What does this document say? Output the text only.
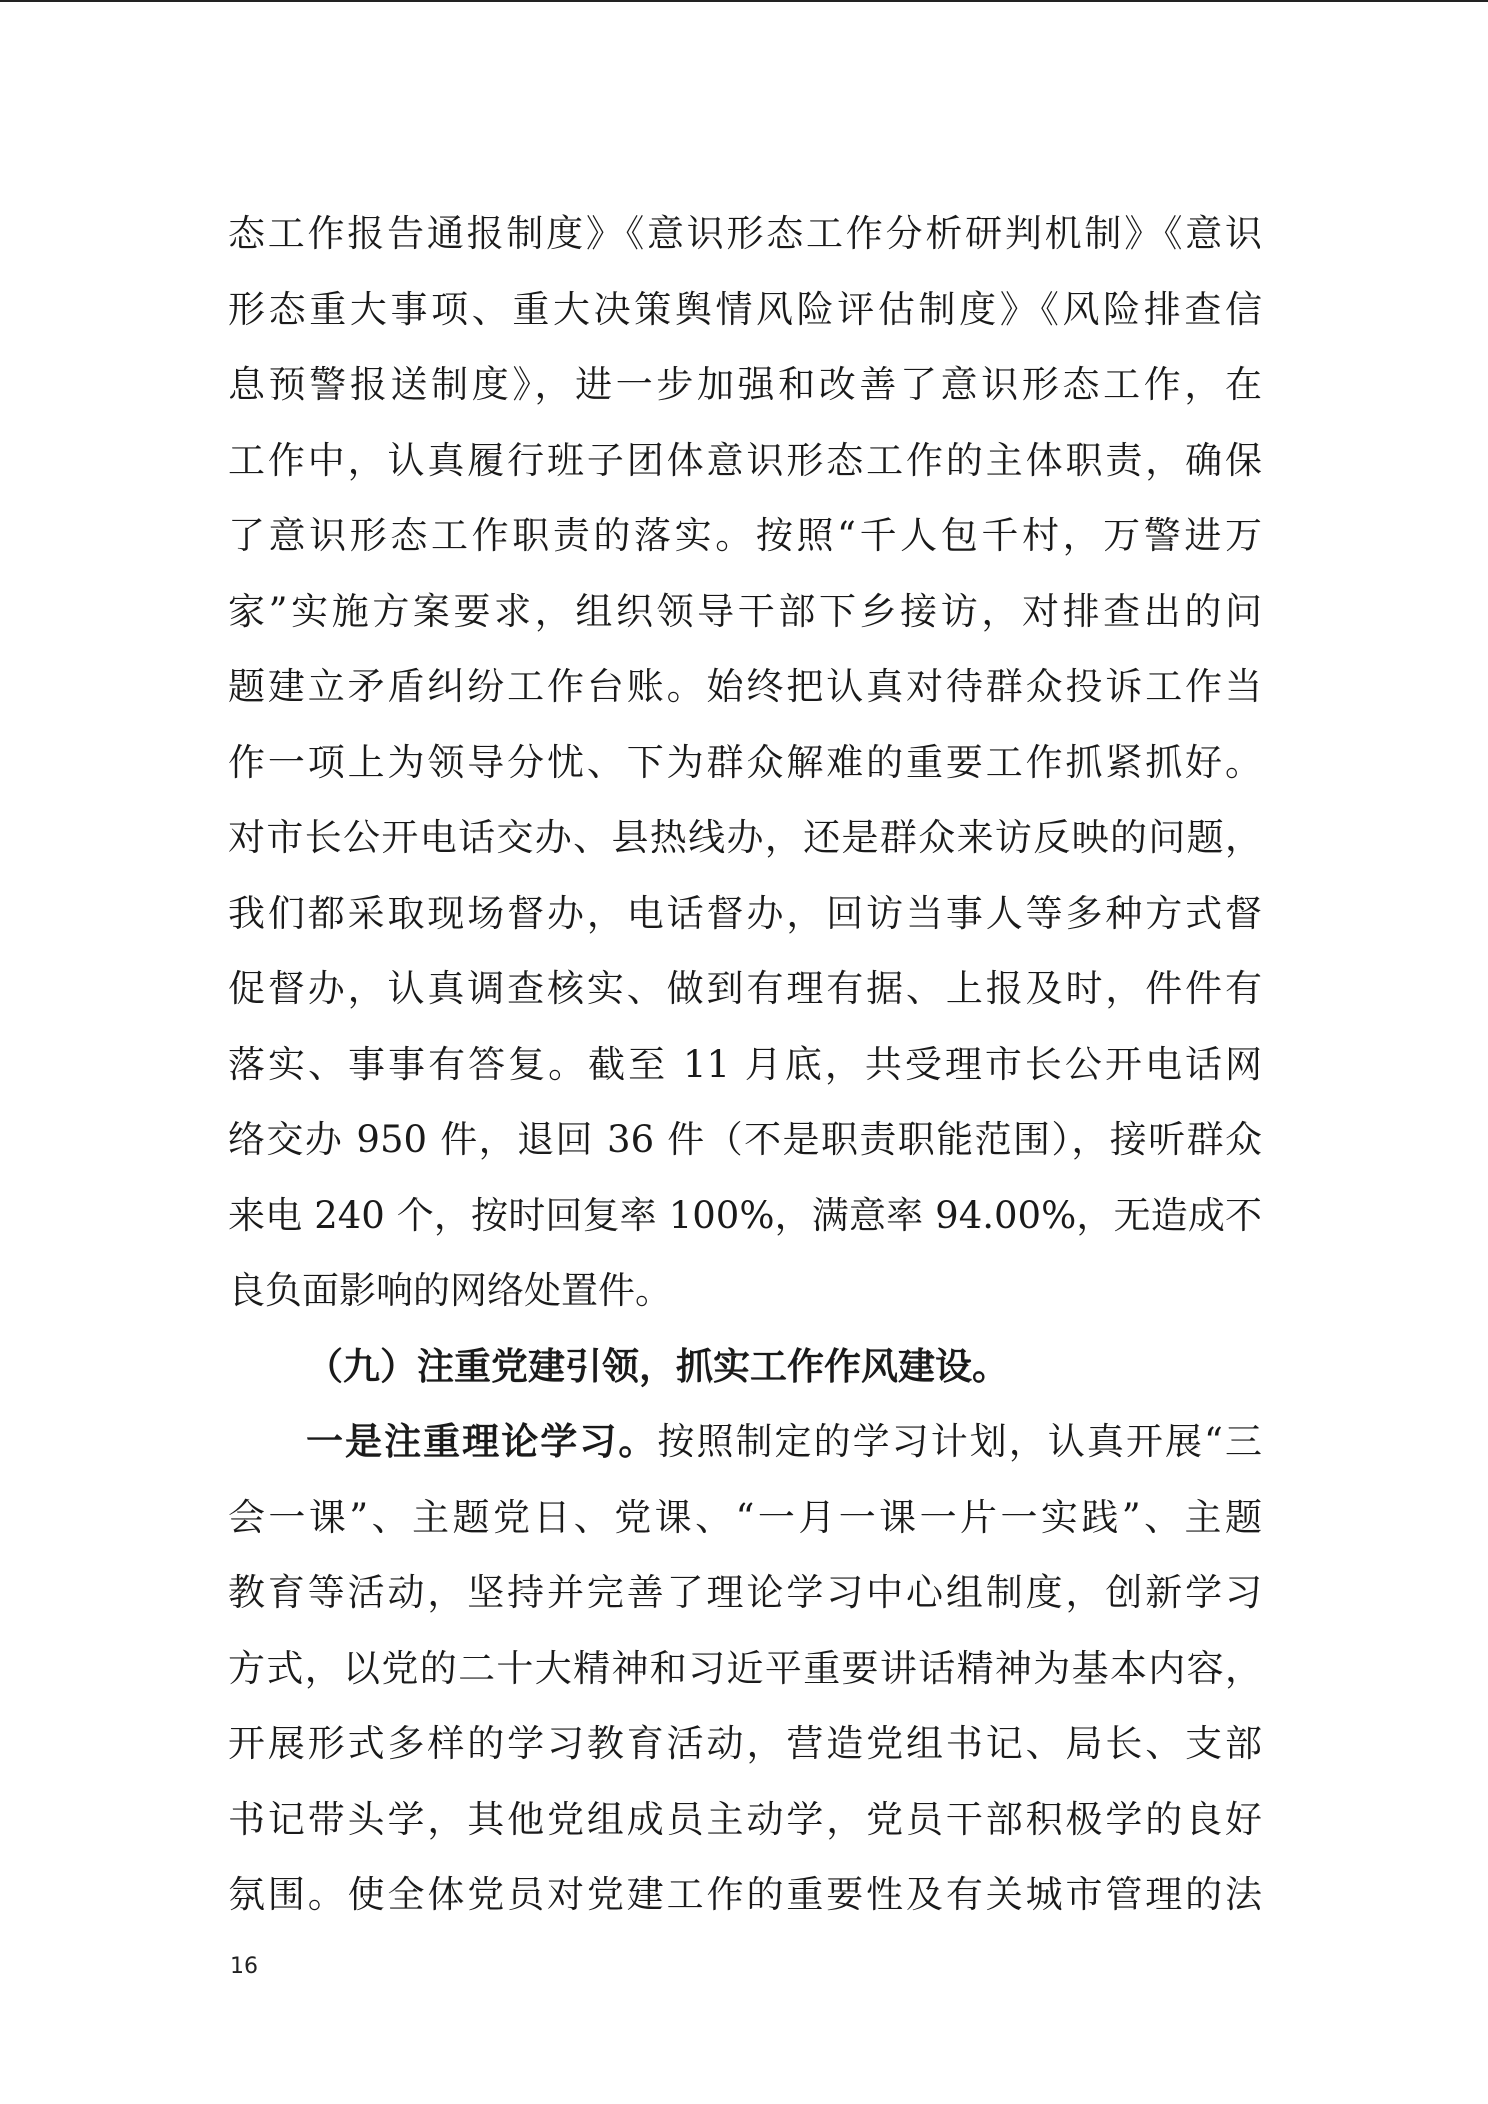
态工作报告通报制度》《意识形态工作分析研判机制》《意识
形态重大事项、重大决策舆情风险评估制度》《风险排查信
息预警报送制度》，进一步加强和改善了意识形态工作，在
工作中，认真履行班子团体意识形态工作的主体职责，确保
了意识形态工作职责的落实。按照“千人包千村，万警进万
家”实施方案要求，组织领导干部下乡接访，对排查出的问
题建立矛盾纠纷工作台账。始终把认真对待群众投诉工作当
作一项上为领导分忧、下为群众解难的重要工作抓紧抓好。
对市长公开电话交办、县热线办，还是群众来访反映的问题，
我们都采取现场督办，电话督办，回访当事人等多种方式督
促督办，认真调查核实、做到有理有据、上报及时，件件有
落实、事事有答复。截至 11 月底，共受理市长公开电话网
络交办 950 件，退回 36 件（不是职责职能范围），接听群众
来电 240 个，按时回复率 100%，满意率 94.00%，无造成不
良负面影响的网络处置件。
（九）注重党建引领，抓实工作作风建设。
一是注重理论学习。按照制定的学习计划，认真开展“三
会一课”、主题党日、党课、“一月一课一片一实践”、主题
教育等活动，坚持并完善了理论学习中心组制度，创新学习
方式，以党的二十大精神和习近平重要讲话精神为基本内容，
开展形式多样的学习教育活动，营造党组书记、局长、支部
书记带头学，其他党组成员主动学，党员干部积极学的良好
氛围。使全体党员对党建工作的重要性及有关城市管理的法
16
